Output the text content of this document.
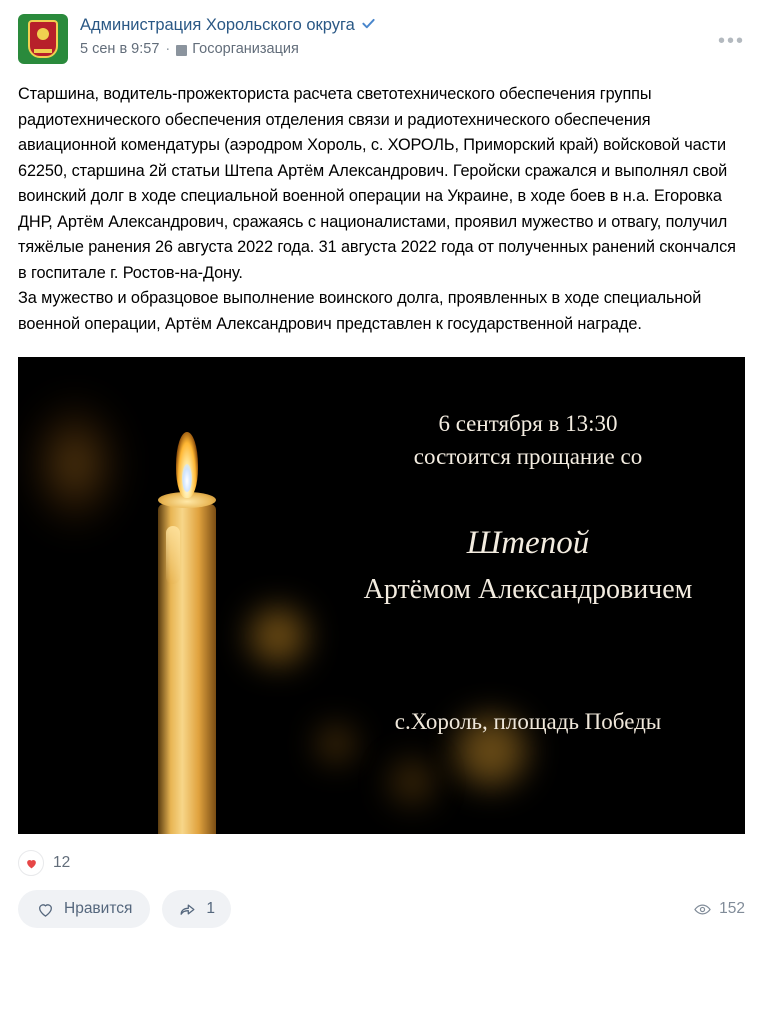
Администрация Хорольского округа
5 сен в 9:57 · Госорганизация	•••

Старшина, водитель-прожекториста расчета светотехнического обеспечения группы радиотехнического обеспечения отделения связи и радиотехнического обеспечения авиационной комендатуры (аэродром Хороль, с. ХОРОЛЬ, Приморский край) войсковой части 62250, старшина 2й статьи Штепа Артём Александрович. Геройски сражался и выполнял свой воинский долг в ходе специальной военной операции на Украине, в ходе боев в н.а. Егоровка ДНР, Артём Александрович, сражаясь с националистами, проявил мужество и отвагу, получил тяжёлые ранения 26 августа 2022 года. 31 августа 2022 года от полученных ранений скончался в госпитале г. Ростов-на-Дону.

За мужество и образцовое выполнение воинского долга, проявленных в ходе специальной военной операции, Артём Александрович представлен к государственной награде.

6 сентября в 13:30
состоится прощание со
Штепой
Артёмом Александровичем
с.Хороль, площадь Победы
12
Нравится	1	152
